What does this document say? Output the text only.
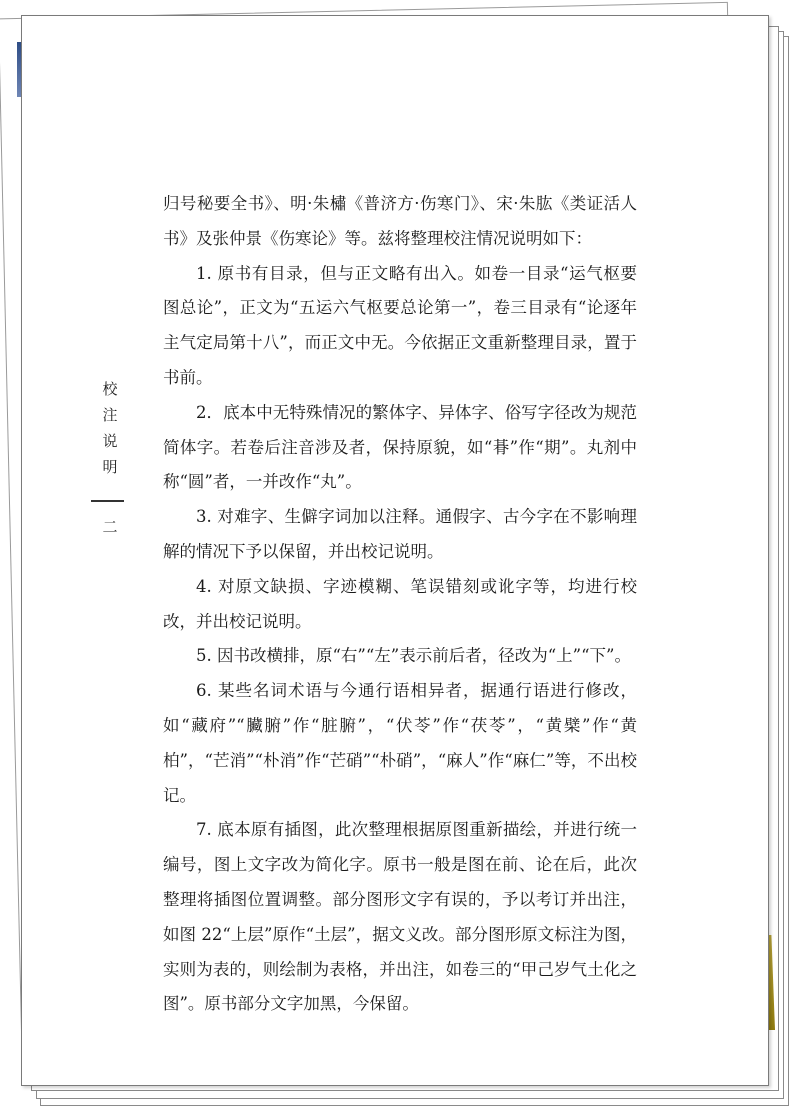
校
注
说
明
二

归号秘要全书》、明·朱橚《普济方·伤寒门》、宋·朱肱《类证活人书》及张仲景《伤寒论》等。兹将整理校注情况说明如下：

1. 原书有目录，但与正文略有出入。如卷一目录“运气枢要图总论”，正文为“五运六气枢要总论第一”，卷三目录有“论逐年主气定局第十八”，而正文中无。今依据正文重新整理目录，置于书前。

2．底本中无特殊情况的繁体字、异体字、俗写字径改为规范简体字。若卷后注音涉及者，保持原貌，如“朞”作“期”。丸剂中称“圆”者，一并改作“丸”。

3. 对难字、生僻字词加以注释。通假字、古今字在不影响理解的情况下予以保留，并出校记说明。

4. 对原文缺损、字迹模糊、笔误错刻或讹字等，均进行校改，并出校记说明。

5. 因书改横排，原“右”“左”表示前后者，径改为“上”“下”。

6. 某些名词术语与今通行语相异者，据通行语进行修改，如“藏府”“臟腑”作“脏腑”，“伏苓”作“茯苓”，“黄檗”作“黄柏”，“芒消”“朴消”作“芒硝”“朴硝”，“麻人”作“麻仁”等，不出校记。

7. 底本原有插图，此次整理根据原图重新描绘，并进行统一编号，图上文字改为简化字。原书一般是图在前、论在后，此次整理将插图位置调整。部分图形文字有误的，予以考订并出注，如图 22“上层”原作“土层”，据文义改。部分图形原文标注为图，实则为表的，则绘制为表格，并出注，如卷三的“甲己岁气土化之图”。原书部分文字加黑，今保留。
